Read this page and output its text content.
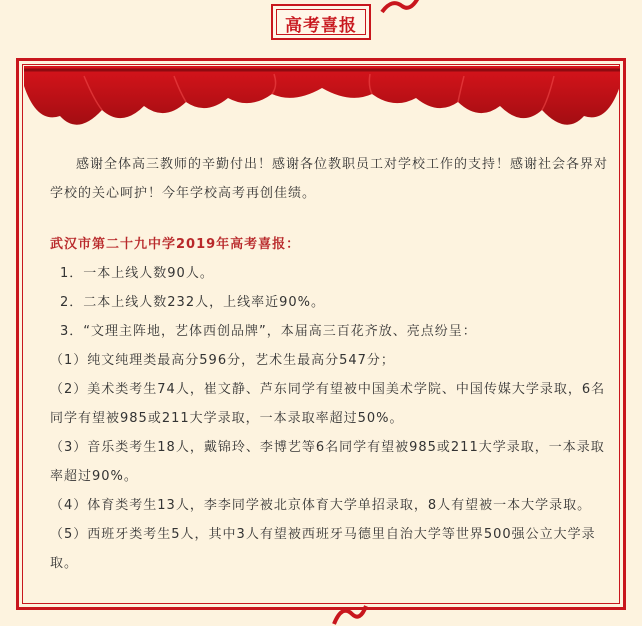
高考喜报

感谢全体高三教师的辛勤付出！感谢各位教职员工对学校工作的支持！感谢社会各界对学校的关心呵护！今年学校高考再创佳绩。

武汉市第二十九中学2019年高考喜报：

1．一本上线人数90人。

2．二本上线人数232人，上线率近90%。

3．“文理主阵地，艺体西创品牌”，本届高三百花齐放、亮点纷呈：

（1）纯文纯理类最高分596分，艺术生最高分547分；

（2）美术类考生74人，崔文静、芦东同学有望被中国美术学院、中国传媒大学录取，6名同学有望被985或211大学录取，一本录取率超过50%。

（3）音乐类考生18人，戴锦玲、李博艺等6名同学有望被985或211大学录取，一本录取率超过90%。

（4）体育类考生13人，李李同学被北京体育大学单招录取，8人有望被一本大学录取。

（5）西班牙类考生5人，其中3人有望被西班牙马德里自治大学等世界500强公立大学录取。
